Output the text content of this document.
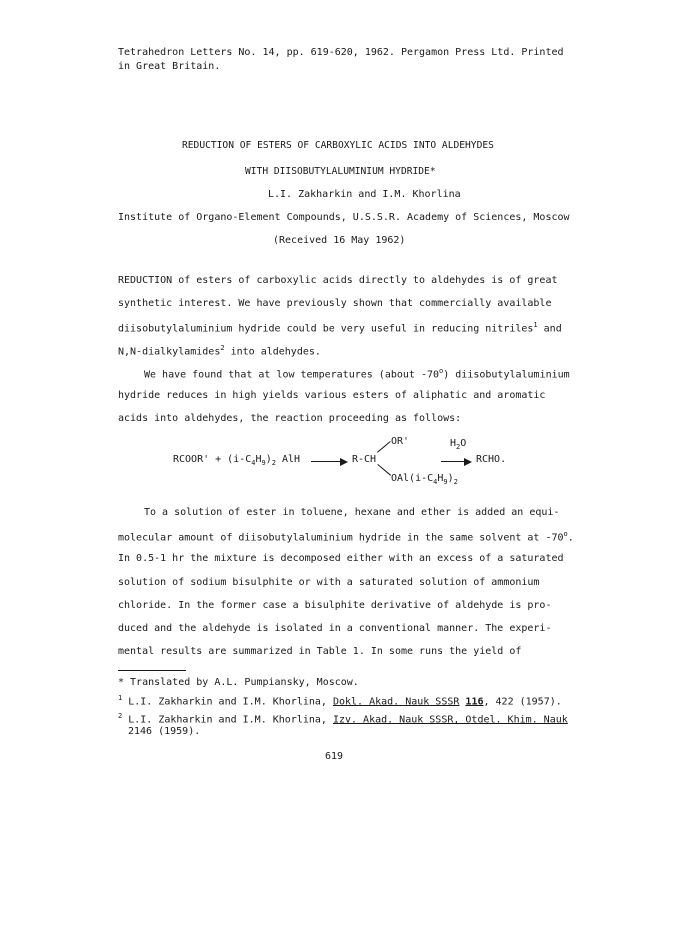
Tetrahedron Letters No. 14, pp. 619-620, 1962. Pergamon Press Ltd. Printed
in Great Britain.
REDUCTION OF ESTERS OF CARBOXYLIC ACIDS INTO ALDEHYDES
WITH DIISOBUTYLALUMINIUM HYDRIDE*
L.I. Zakharkin and I.M. Khorlina
Institute of Organo-Element Compounds, U.S.S.R. Academy of Sciences, Moscow
(Received 16 May 1962)
REDUCTION of esters of carboxylic acids directly to aldehydes is of great
synthetic interest. We have previously shown that commercially available
diisobutylaluminium hydride could be very useful in reducing nitriles$^1$ and
N,N-dialkylamides$^2$ into aldehydes.
We have found that at low temperatures (about -70$^o$) diisobutylaluminium
hydride reduces in high yields various esters of aliphatic and aromatic
acids into aldehydes, the reaction proceeding as follows:
RCOOR' + $(i-C_4H_9)_2$ AlH → R-CH
OR'
$OAl(i-C_4H_9)_2$
$H_2O$
→ RCHO.
To a solution of ester in toluene, hexane and ether is added an equi-
molecular amount of diisobutylaluminium hydride in the same solvent at -70$^o$.
In 0.5-1 hr the mixture is decomposed either with an excess of a saturated
solution of sodium bisulphite or with a saturated solution of ammonium
chloride. In the former case a bisulphite derivative of aldehyde is pro-
duced and the aldehyde is isolated in a conventional manner. The experi-
mental results are summarized in Table 1. In some runs the yield of
* Translated by A.L. Pumpiansky, Moscow.
$^1$ L.I. Zakharkin and I.M. Khorlina, Dokl. Akad. Nauk SSSR 116, 422 (1957).
$^2$ L.I. Zakharkin and I.M. Khorlina, Izv. Akad. Nauk SSSR, Otdel. Khim. Nauk
2146 (1959).
619
